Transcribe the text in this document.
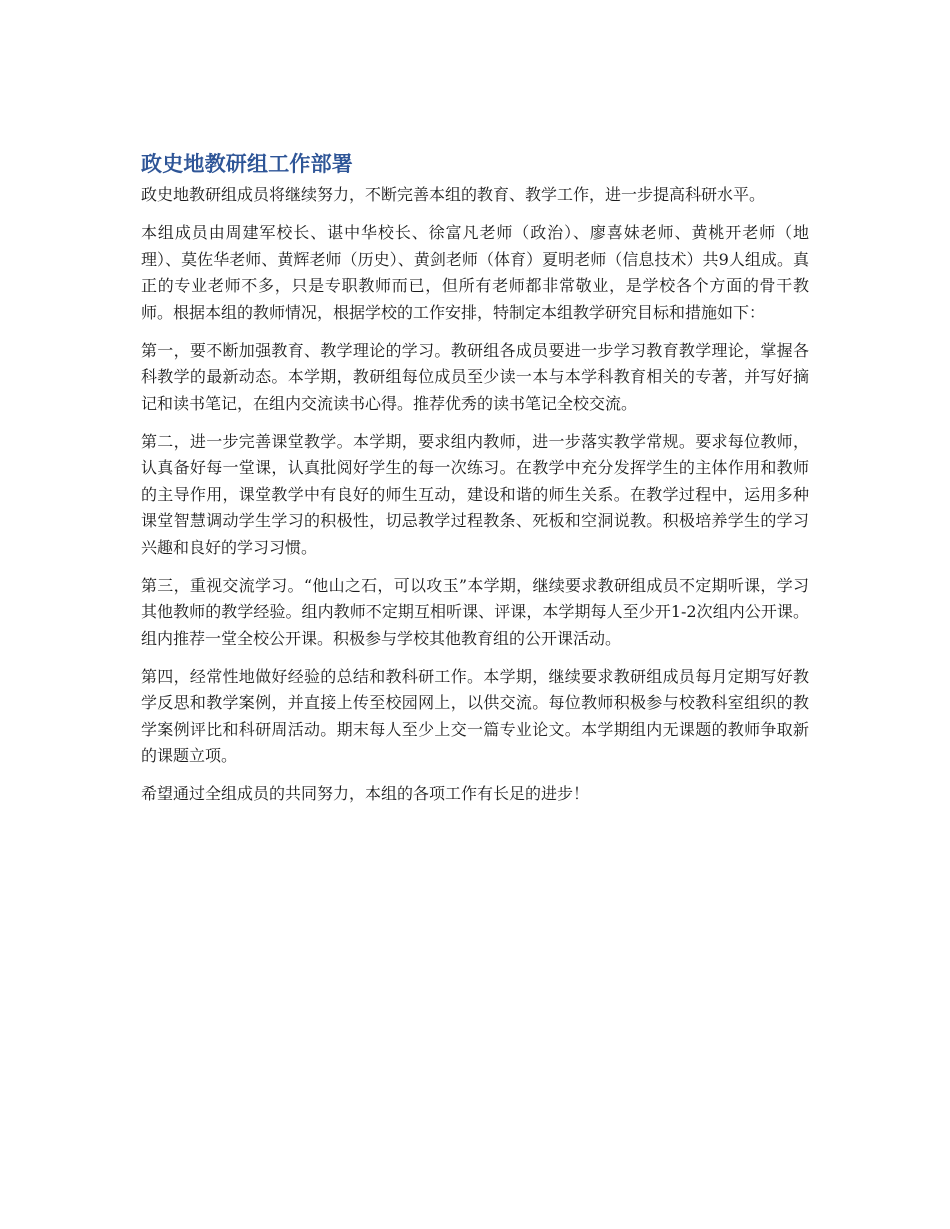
政史地教研组工作部署

政史地教研组成员将继续努力，不断完善本组的教育、教学工作，进一步提高科研水平。

本组成员由周建军校长、谌中华校长、徐富凡老师（政治）、廖喜妹老师、黄桃开老师（地理）、莫佐华老师、黄辉老师（历史）、黄剑老师（体育）夏明老师（信息技术）共9人组成。真正的专业老师不多，只是专职教师而已，但所有老师都非常敬业，是学校各个方面的骨干教师。根据本组的教师情况，根据学校的工作安排，特制定本组教学研究目标和措施如下：

第一，要不断加强教育、教学理论的学习。教研组各成员要进一步学习教育教学理论，掌握各科教学的最新动态。本学期，教研组每位成员至少读一本与本学科教育相关的专著，并写好摘记和读书笔记，在组内交流读书心得。推荐优秀的读书笔记全校交流。

第二，进一步完善课堂教学。本学期，要求组内教师，进一步落实教学常规。要求每位教师，认真备好每一堂课，认真批阅好学生的每一次练习。在教学中充分发挥学生的主体作用和教师的主导作用，课堂教学中有良好的师生互动，建设和谐的师生关系。在教学过程中，运用多种课堂智慧调动学生学习的积极性，切忌教学过程教条、死板和空洞说教。积极培养学生的学习兴趣和良好的学习习惯。

第三，重视交流学习。“他山之石，可以攻玉”本学期，继续要求教研组成员不定期听课，学习其他教师的教学经验。组内教师不定期互相听课、评课，本学期每人至少开1-2次组内公开课。组内推荐一堂全校公开课。积极参与学校其他教育组的公开课活动。

第四，经常性地做好经验的总结和教科研工作。本学期，继续要求教研组成员每月定期写好教学反思和教学案例，并直接上传至校园网上，以供交流。每位教师积极参与校教科室组织的教学案例评比和科研周活动。期末每人至少上交一篇专业论文。本学期组内无课题的教师争取新的课题立项。

希望通过全组成员的共同努力，本组的各项工作有长足的进步！
